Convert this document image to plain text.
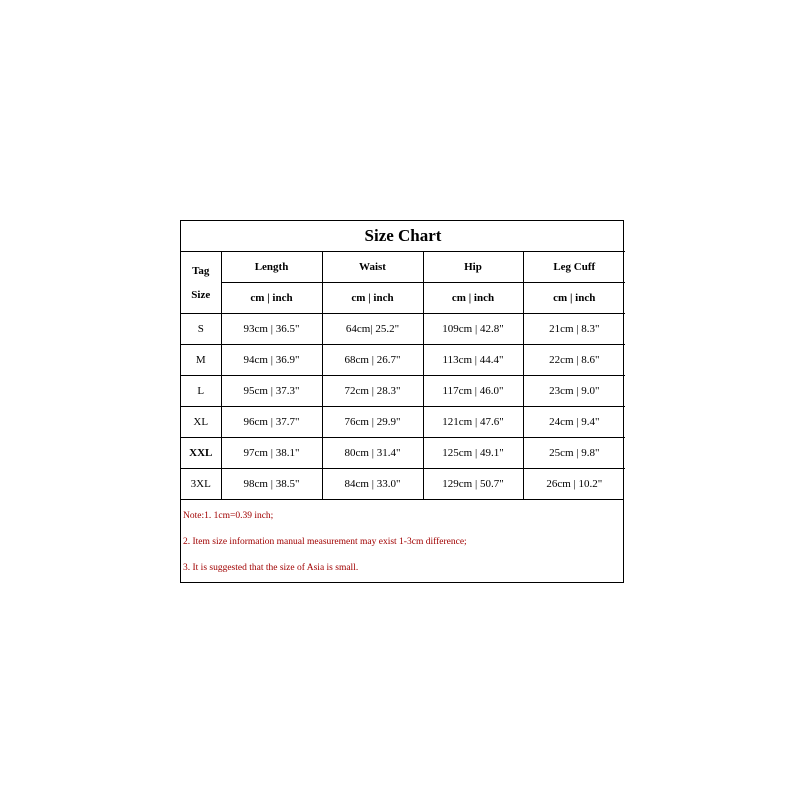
Size Chart				

Tag
Size	Length	Waist	Hip	Leg Cuff
	cm | inch	cm | inch	cm | inch	cm | inch
S	93cm | 36.5"	64cm| 25.2"	109cm | 42.8"	21cm | 8.3"
M	94cm | 36.9"	68cm | 26.7"	113cm | 44.4"	22cm | 8.6"
L	95cm | 37.3"	72cm | 28.3"	117cm | 46.0"	23cm | 9.0"
XL	96cm | 37.7"	76cm | 29.9"	121cm | 47.6"	24cm | 9.4"
XXL	97cm | 38.1"	80cm | 31.4"	125cm | 49.1"	25cm | 9.8"
3XL	98cm | 38.5"	84cm | 33.0"	129cm | 50.7"	26cm | 10.2"
Note:1. 1cm=0.39 inch;
2. Item size information manual measurement may exist 1-3cm difference;
3. It is suggested that the size of Asia is small.
